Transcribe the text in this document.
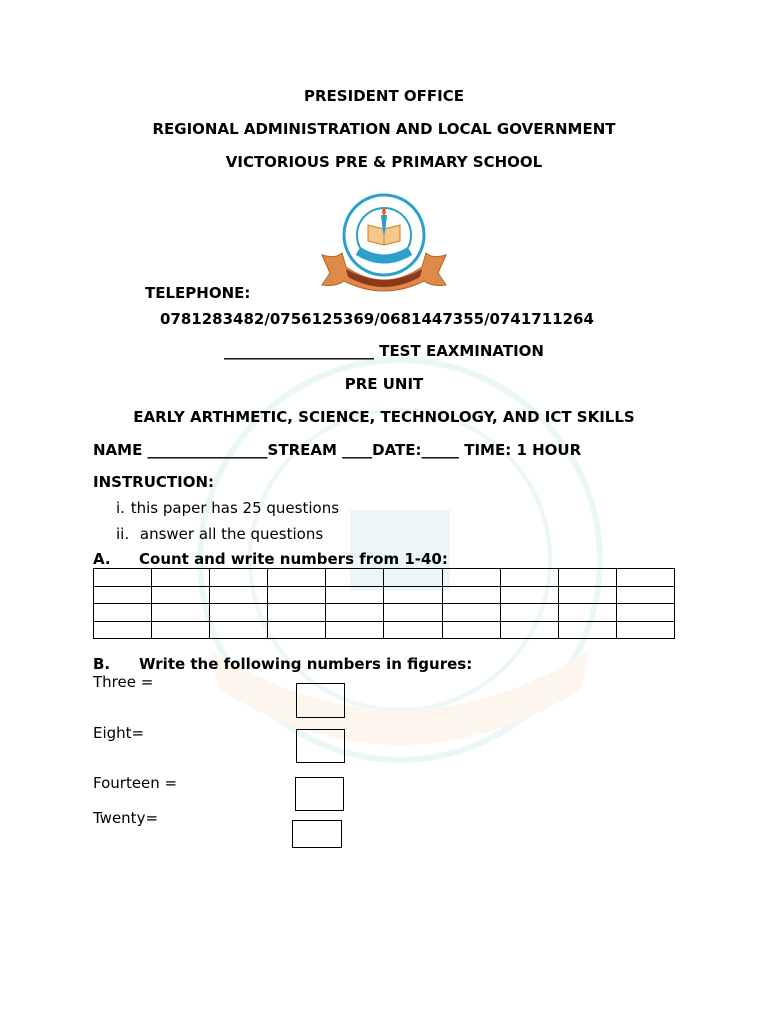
PRESIDENT OFFICE
REGIONAL ADMINISTRATION AND LOCAL GOVERNMENT
VICTORIOUS PRE & PRIMARY SCHOOL
TELEPHONE:
0781283482/0756125369/0681447355/0741711264
____________________ TEST EAXMINATION
PRE UNIT
EARLY ARTHMETIC, SCIENCE, TECHNOLOGY, AND ICT SKILLS
NAME ________________STREAM ____DATE:_____ TIME: 1 HOUR
INSTRUCTION:
i. this paper has 25 questions
ii. answer all the questions
A. Count and write numbers from 1-40:

B. Write the following numbers in figures:
Three =
Eight=
Fourteen =
Twenty=
